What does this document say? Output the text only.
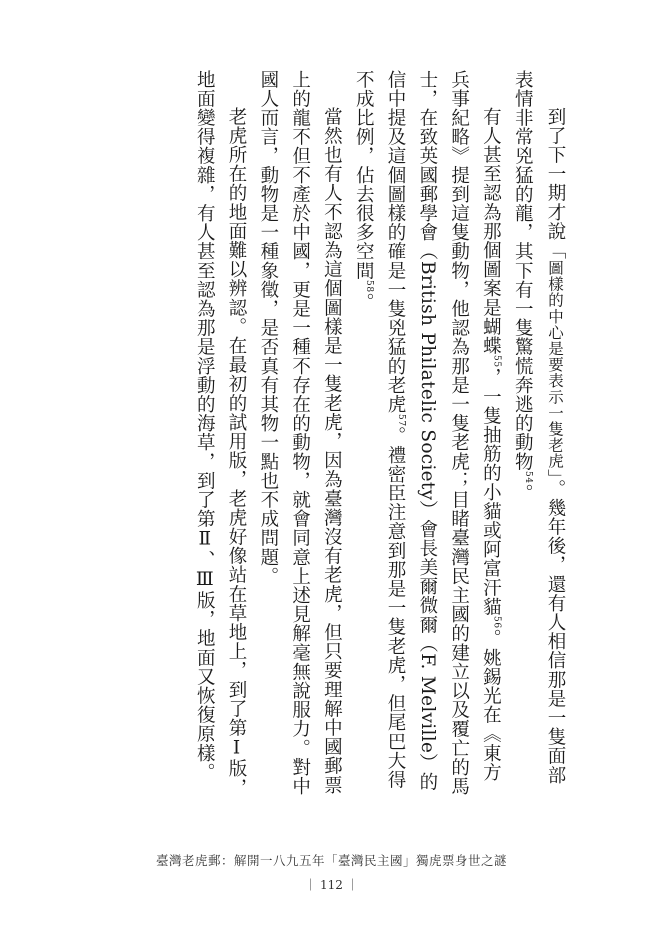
到了下一期才說「圖樣的中心是要表示一隻老虎」。幾年後，還有人相信那是一隻面部表情非常兇猛的龍，其下有一隻驚慌奔逃的動物54。

有人甚至認為那個圖案是蝴蝶55，一隻抽筋的小貓或阿富汗貓56。姚錫光在《東方兵事紀略》提到這隻動物，他認為那是一隻老虎；目睹臺灣民主國的建立以及覆亡的馬士，在致英國郵學會（British Philatelic Society）會長美爾微爾（F. Melville）的信中提及這個圖樣的確是一隻兇猛的老虎57。禮密臣注意到那是一隻老虎，但尾巴大得不成比例，佔去很多空間58。

當然也有人不認為這個圖樣是一隻老虎，因為臺灣沒有老虎，但只要理解中國郵票上的龍不但不產於中國，更是一種不存在的動物，就會同意上述見解毫無說服力。對中國人而言，動物是一種象徵，是否真有其物一點也不成問題。

老虎所在的地面難以辨認。在最初的試用版，老虎好像站在草地上，到了第Ⅰ版，地面變得複雜，有人甚至認為那是浮動的海草，到了第Ⅱ、Ⅲ版，地面又恢復原樣。

臺灣老虎郵：解開一八九五年「臺灣民主國」獨虎票身世之謎
｜ 112 ｜
